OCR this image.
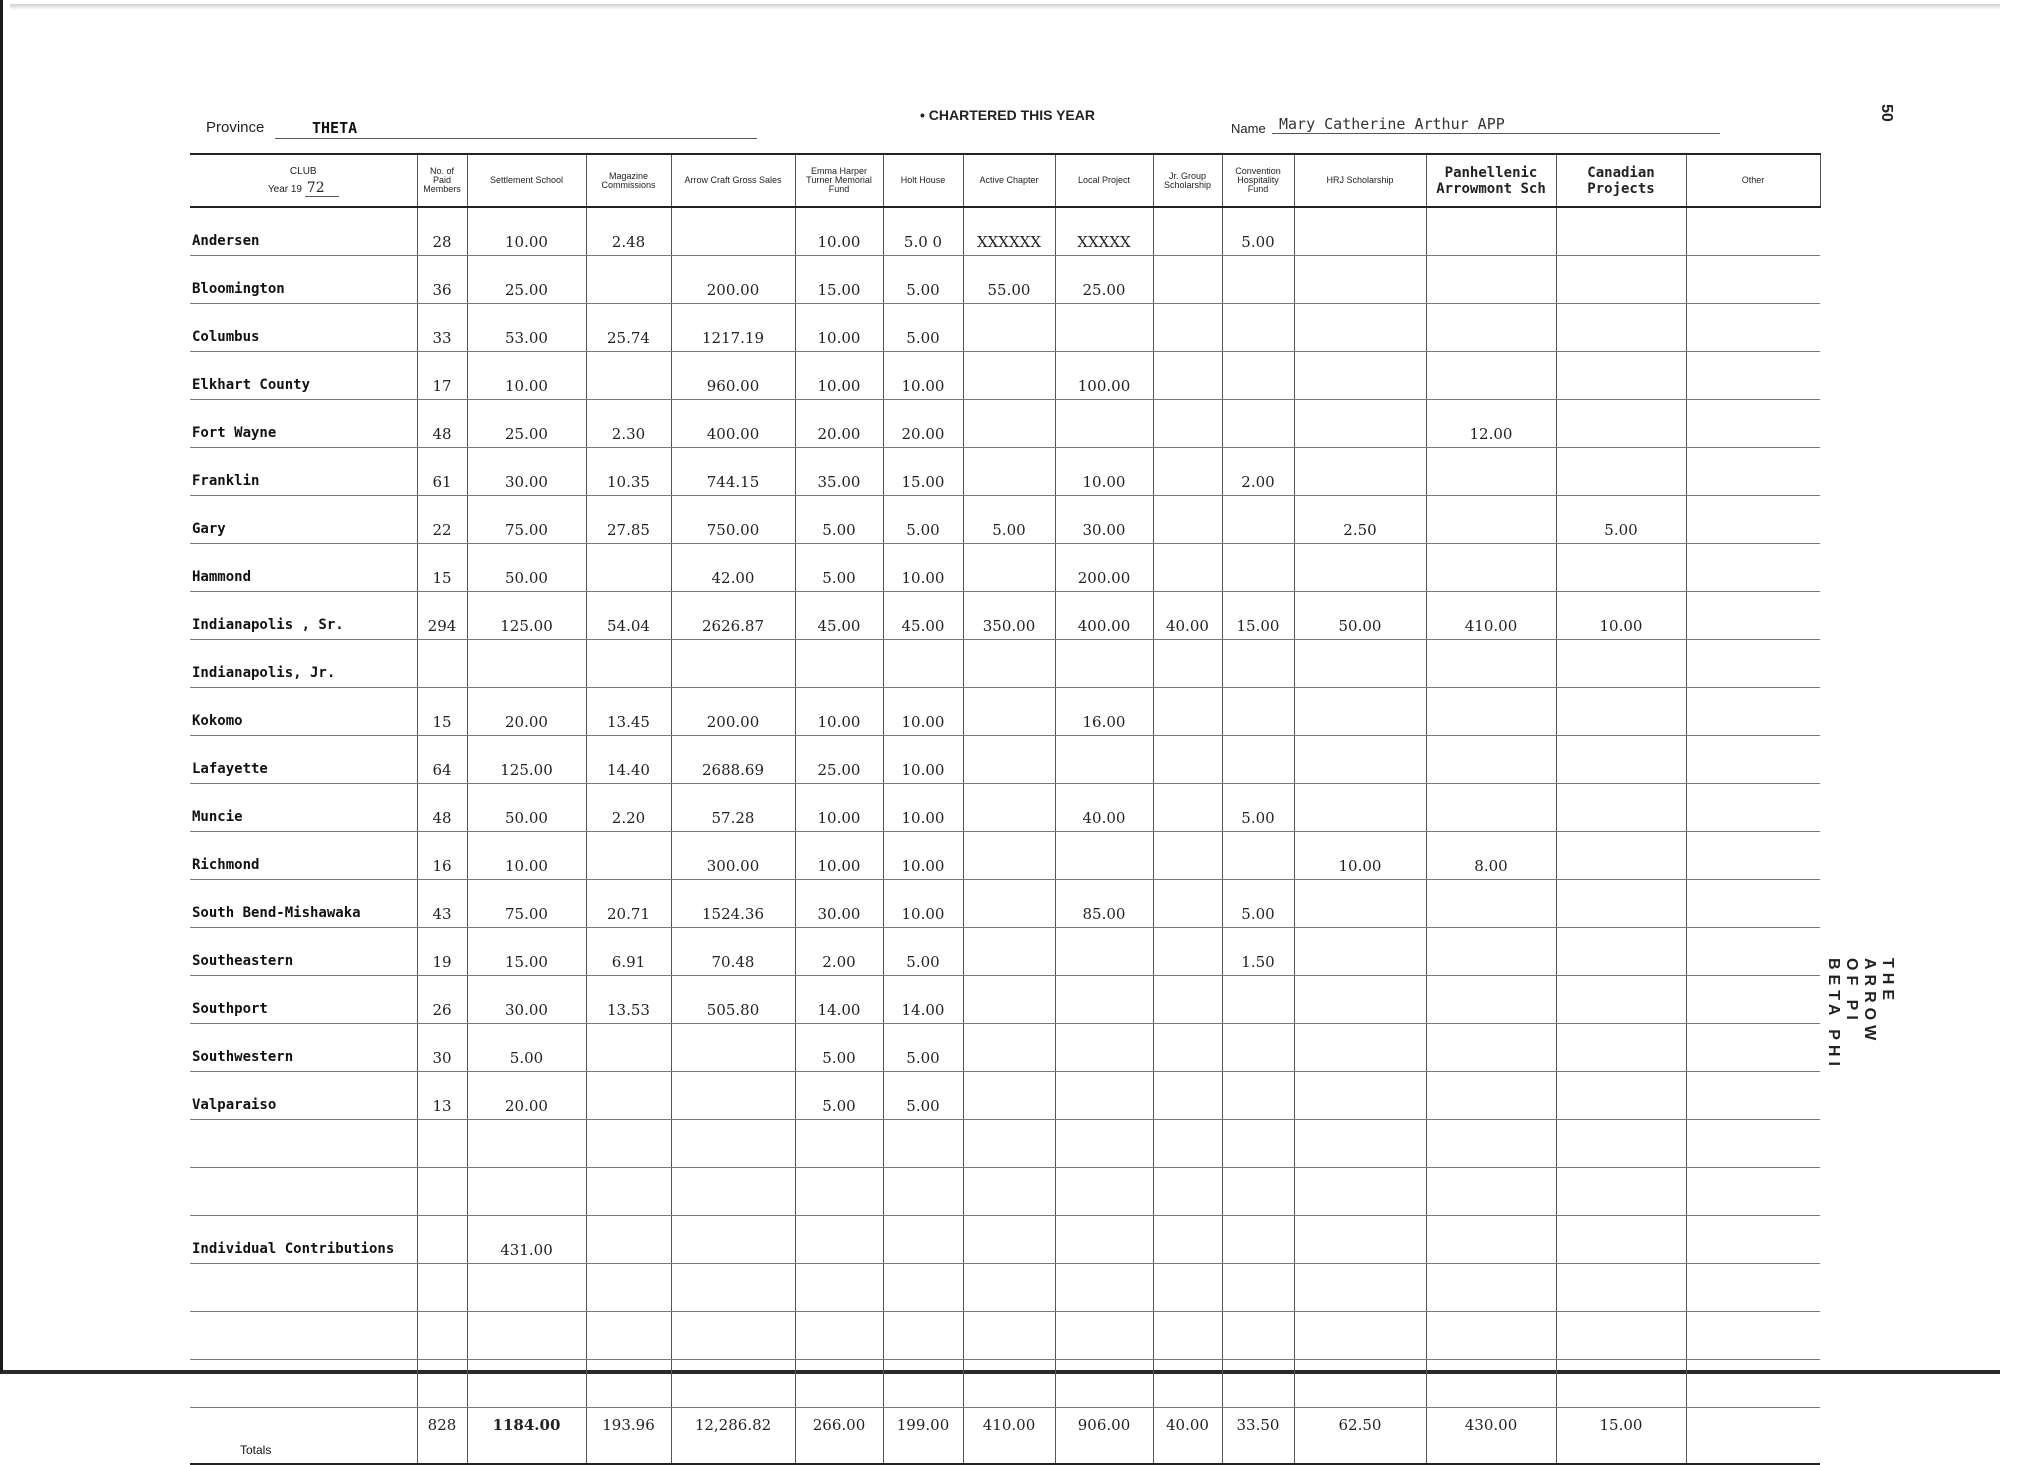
Province	THETA
• CHARTERED THIS YEAR
Name Mary Catherine Arthur APP
50
THE ARROW OF PI BETA PHI
CLUB
Year 19 72	No. of Paid Members	Settlement School	Magazine Commissions	Arrow Craft Gross Sales	Emma Harper Turner Memorial Fund	Holt House	Active Chapter	Local Project	Jr. Group Scholarship	Convention Hospitality Fund	HRJ Scholarship	Panhellenic Arrowmont Sch	Canadian Projects	Other
Andersen	28	10.00	2.48		10.00	5.0 0	XXXXXX	XXXXX		5.00				
Bloomington	36	25.00		200.00	15.00	5.00	55.00	25.00						
Columbus	33	53.00	25.74	1217.19	10.00	5.00								
Elkhart County	17	10.00		960.00	10.00	10.00		100.00						
Fort Wayne	48	25.00	2.30	400.00	20.00	20.00						12.00		
Franklin	61	30.00	10.35	744.15	35.00	15.00		10.00		2.00				
Gary	22	75.00	27.85	750.00	5.00	5.00	5.00	30.00			2.50		5.00	
Hammond	15	50.00		42.00	5.00	10.00		200.00						
Indianapolis , Sr.	294	125.00	54.04	2626.87	45.00	45.00	350.00	400.00	40.00	15.00	50.00	410.00	10.00	
Indianapolis, Jr.														
Kokomo	15	20.00	13.45	200.00	10.00	10.00		16.00						
Lafayette	64	125.00	14.40	2688.69	25.00	10.00								
Muncie	48	50.00	2.20	57.28	10.00	10.00		40.00		5.00				
Richmond	16	10.00		300.00	10.00	10.00					10.00	8.00		
South Bend-Mishawaka	43	75.00	20.71	1524.36	30.00	10.00		85.00		5.00				
Southeastern	19	15.00	6.91	70.48	2.00	5.00				1.50				
Southport	26	30.00	13.53	505.80	14.00	14.00								
Southwestern	30	5.00			5.00	5.00								
Valparaiso	13	20.00			5.00	5.00								

Individual Contributions		431.00												

Totals	828	1184.00	193.96	12,286.82	266.00	199.00	410.00	906.00	40.00	33.50	62.50	430.00	15.00	
